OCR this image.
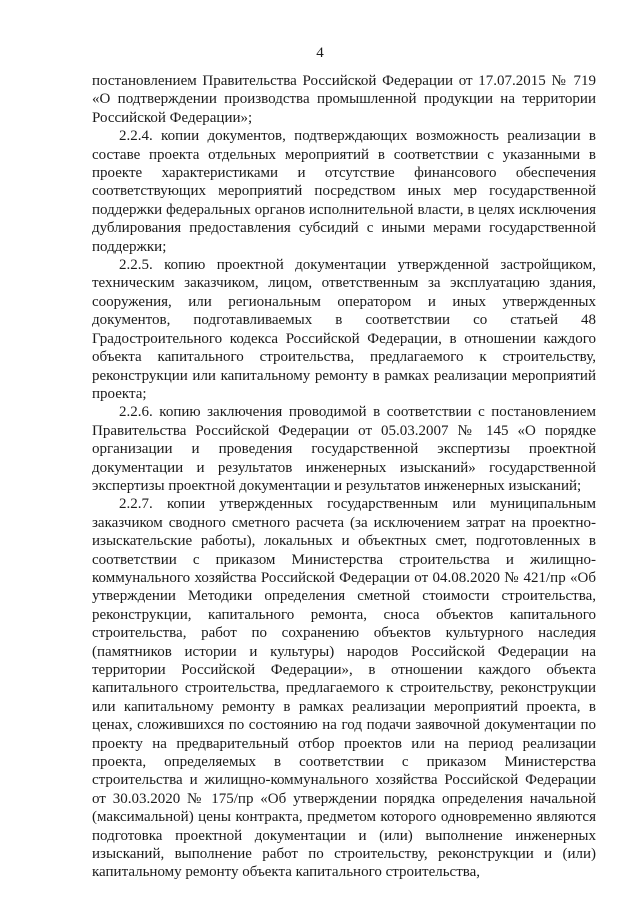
4

постановлением Правительства Российской Федерации от 17.07.2015 № 719 «О подтверждении производства промышленной продукции на территории Российской Федерации»;

2.2.4. копии документов, подтверждающих возможность реализации в составе проекта отдельных мероприятий в соответствии с указанными в проекте характеристиками и отсутствие финансового обеспечения соответствующих мероприятий посредством иных мер государственной поддержки федеральных органов исполнительной власти, в целях исключения дублирования предоставления субсидий с иными мерами государственной поддержки;

2.2.5. копию проектной документации утвержденной застройщиком, техническим заказчиком, лицом, ответственным за эксплуатацию здания, сооружения, или региональным оператором и иных утвержденных документов, подготавливаемых в соответствии со статьей 48 Градостроительного кодекса Российской Федерации, в отношении каждого объекта капитального строительства, предлагаемого к строительству, реконструкции или капитальному ремонту в рамках реализации мероприятий проекта;

2.2.6. копию заключения проводимой в соответствии с постановлением Правительства Российской Федерации от 05.03.2007 № 145 «О порядке организации и проведения государственной экспертизы проектной документации и результатов инженерных изысканий» государственной экспертизы проектной документации и результатов инженерных изысканий;

2.2.7. копии утвержденных государственным или муниципальным заказчиком сводного сметного расчета (за исключением затрат на проектно-изыскательские работы), локальных и объектных смет, подготовленных в соответствии с приказом Министерства строительства и жилищно-коммунального хозяйства Российской Федерации от 04.08.2020 № 421/пр «Об утверждении Методики определения сметной стоимости строительства, реконструкции, капитального ремонта, сноса объектов капитального строительства, работ по сохранению объектов культурного наследия (памятников истории и культуры) народов Российской Федерации на территории Российской Федерации», в отношении каждого объекта капитального строительства, предлагаемого к строительству, реконструкции или капитальному ремонту в рамках реализации мероприятий проекта, в ценах, сложившихся по состоянию на год подачи заявочной документации по проекту на предварительный отбор проектов или на период реализации проекта, определяемых в соответствии с приказом Министерства строительства и жилищно-коммунального хозяйства Российской Федерации от 30.03.2020 № 175/пр «Об утверждении порядка определения начальной (максимальной) цены контракта, предметом которого одновременно являются подготовка проектной документации и (или) выполнение инженерных изысканий, выполнение работ по строительству, реконструкции и (или) капитальному ремонту объекта капитального строительства,
